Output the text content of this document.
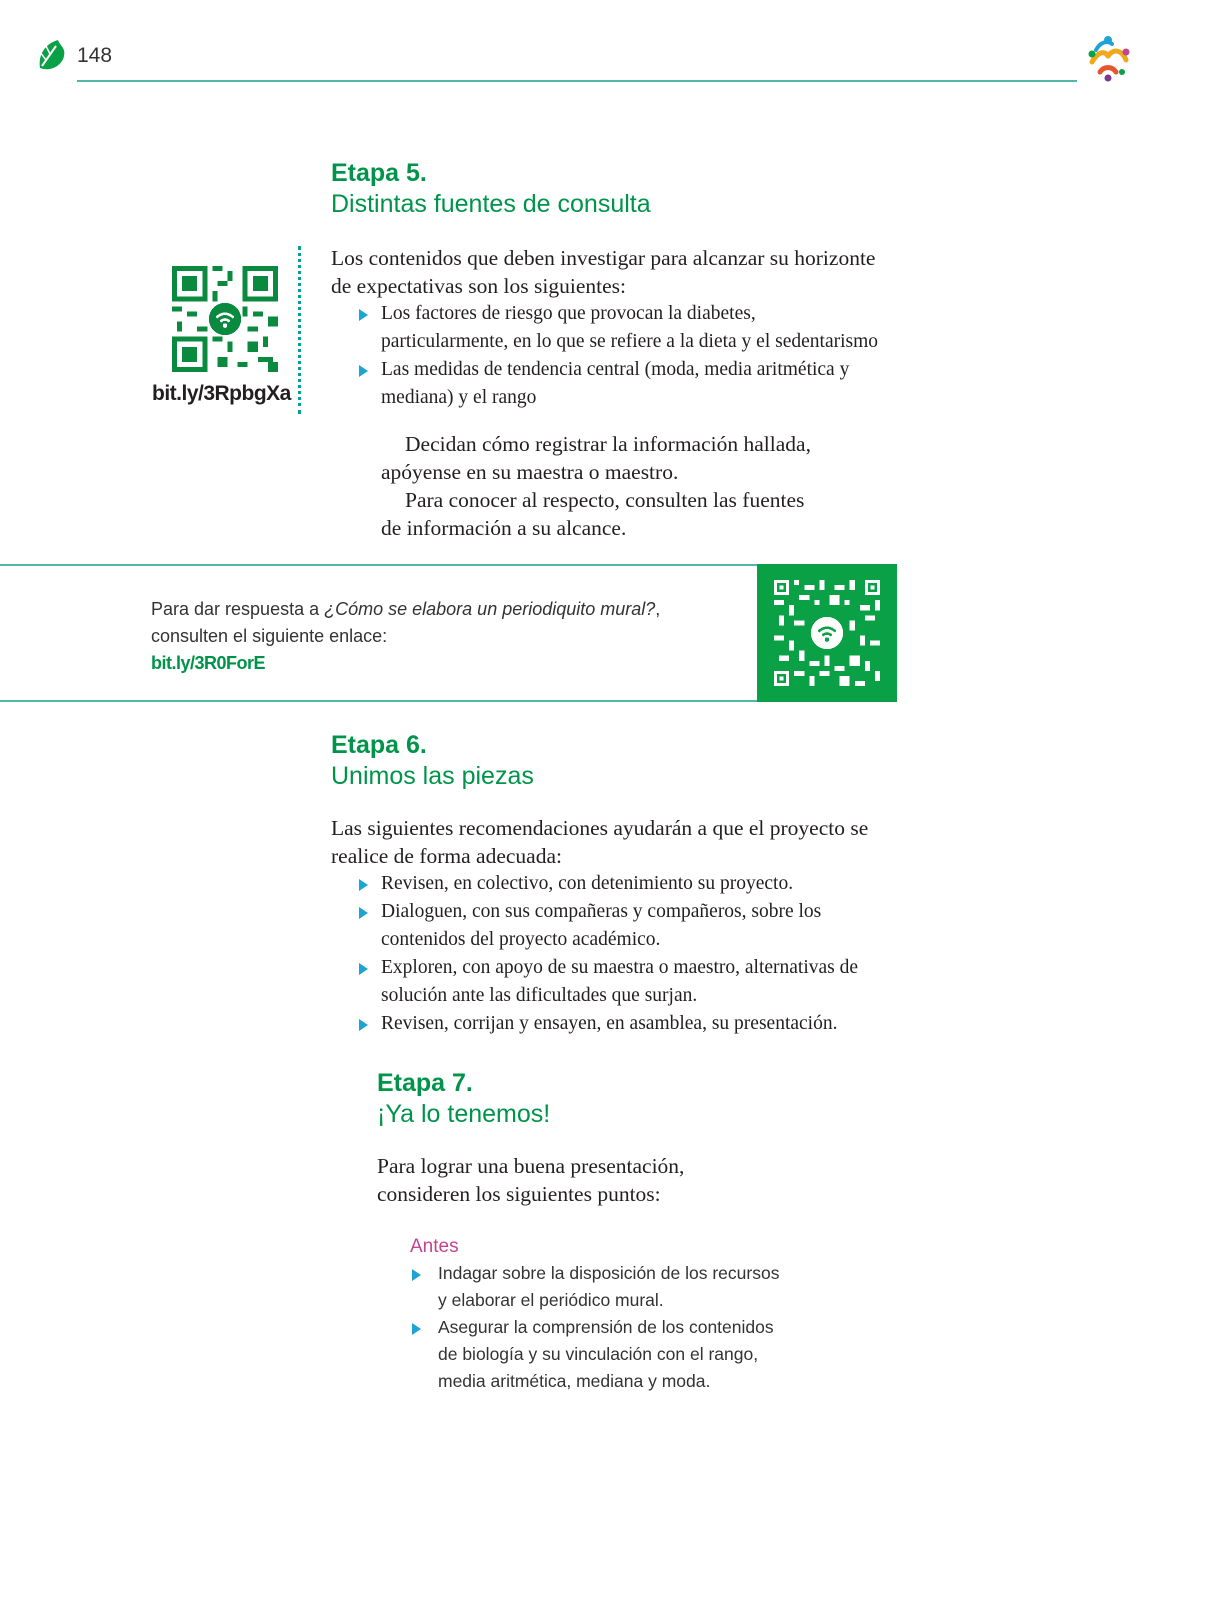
148

Etapa 5.

Distintas fuentes de consulta

Los contenidos que deben investigar para alcanzar su horizonte

de expectativas son los siguientes:

Los factores de riesgo que provocan la diabetes,
particularmente, en lo que se refiere a la dieta y el sedentarismo
Las medidas de tendencia central (moda, media aritmética y
mediana) y el rango

Decidan cómo registrar la información hallada,

apóyense en su maestra o maestro.

Para conocer al respecto, consulten las fuentes

de información a su alcance.

bit.ly/3RpbgXa
Para dar respuesta a ¿Cómo se elabora un periodiquito mural?,
consulten el siguiente enlace:
bit.ly/3R0ForE

Etapa 6.

Unimos las piezas

Las siguientes recomendaciones ayudarán a que el proyecto se

realice de forma adecuada:

Revisen, en colectivo, con detenimiento su proyecto.
Dialoguen, con sus compañeras y compañeros, sobre los
contenidos del proyecto académico.
Exploren, con apoyo de su maestra o maestro, alternativas de
solución ante las dificultades que surjan.
Revisen, corrijan y ensayen, en asamblea, su presentación.

Etapa 7.

¡Ya lo tenemos!

Para lograr una buena presentación,

consideren los siguientes puntos:

Antes

Indagar sobre la disposición de los recursos
y elaborar el periódico mural.
Asegurar la comprensión de los contenidos
de biología y su vinculación con el rango,
media aritmética, mediana y moda.
